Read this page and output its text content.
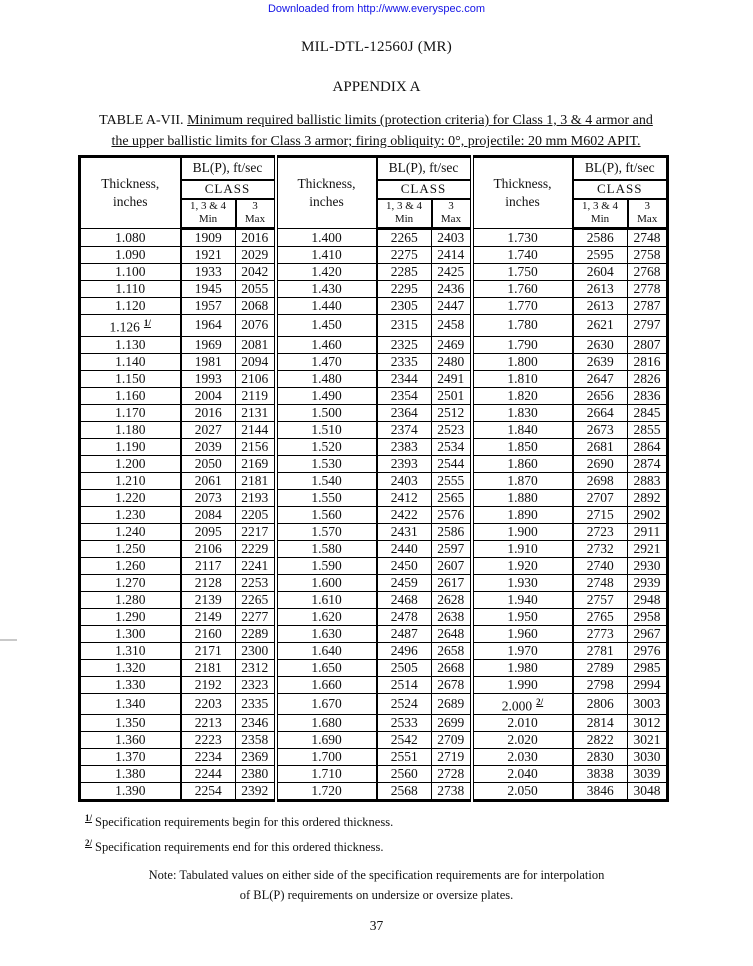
Downloaded from http://www.everyspec.com
MIL-DTL-12560J (MR)
APPENDIX A
TABLE A-VII. Minimum required ballistic limits (protection criteria) for Class 1, 3 & 4 armor and
the upper ballistic limits for Class 3 armor; firing obliquity: 0°, projectile: 20 mm M602 APIT.
Thickness,
inches	BL(P), ft/sec		Thickness,
inches	BL(P), ft/sec		Thickness,
inches	BL(P), ft/sec	
	CLASS			CLASS			CLASS	
	1, 3 & 4
Min	3
Max		1, 3 & 4
Min	3
Max		1, 3 & 4
Min	3
Max
1.080	1909	2016	1.400	2265	2403	1.730	2586	2748
1.090	1921	2029	1.410	2275	2414	1.740	2595	2758
1.100	1933	2042	1.420	2285	2425	1.750	2604	2768
1.110	1945	2055	1.430	2295	2436	1.760	2613	2778
1.120	1957	2068	1.440	2305	2447	1.770	2613	2787
1.126 $^{1/}$	1964	2076	1.450	2315	2458	1.780	2621	2797
1.130	1969	2081	1.460	2325	2469	1.790	2630	2807
1.140	1981	2094	1.470	2335	2480	1.800	2639	2816
1.150	1993	2106	1.480	2344	2491	1.810	2647	2826
1.160	2004	2119	1.490	2354	2501	1.820	2656	2836
1.170	2016	2131	1.500	2364	2512	1.830	2664	2845
1.180	2027	2144	1.510	2374	2523	1.840	2673	2855
1.190	2039	2156	1.520	2383	2534	1.850	2681	2864
1.200	2050	2169	1.530	2393	2544	1.860	2690	2874
1.210	2061	2181	1.540	2403	2555	1.870	2698	2883
1.220	2073	2193	1.550	2412	2565	1.880	2707	2892
1.230	2084	2205	1.560	2422	2576	1.890	2715	2902
1.240	2095	2217	1.570	2431	2586	1.900	2723	2911
1.250	2106	2229	1.580	2440	2597	1.910	2732	2921
1.260	2117	2241	1.590	2450	2607	1.920	2740	2930
1.270	2128	2253	1.600	2459	2617	1.930	2748	2939
1.280	2139	2265	1.610	2468	2628	1.940	2757	2948
1.290	2149	2277	1.620	2478	2638	1.950	2765	2958
1.300	2160	2289	1.630	2487	2648	1.960	2773	2967
1.310	2171	2300	1.640	2496	2658	1.970	2781	2976
1.320	2181	2312	1.650	2505	2668	1.980	2789	2985
1.330	2192	2323	1.660	2514	2678	1.990	2798	2994
1.340	2203	2335	1.670	2524	2689	2.000 $^{2/}$	2806	3003
1.350	2213	2346	1.680	2533	2699	2.010	2814	3012
1.360	2223	2358	1.690	2542	2709	2.020	2822	3021
1.370	2234	2369	1.700	2551	2719	2.030	2830	3030
1.380	2244	2380	1.710	2560	2728	2.040	3838	3039
1.390	2254	2392	1.720	2568	2738	2.050	3846	3048
$^{1/}$ Specification requirements begin for this ordered thickness.
$^{2/}$ Specification requirements end for this ordered thickness.
Note: Tabulated values on either side of the specification requirements are for interpolation
of BL(P) requirements on undersize or oversize plates.
37
